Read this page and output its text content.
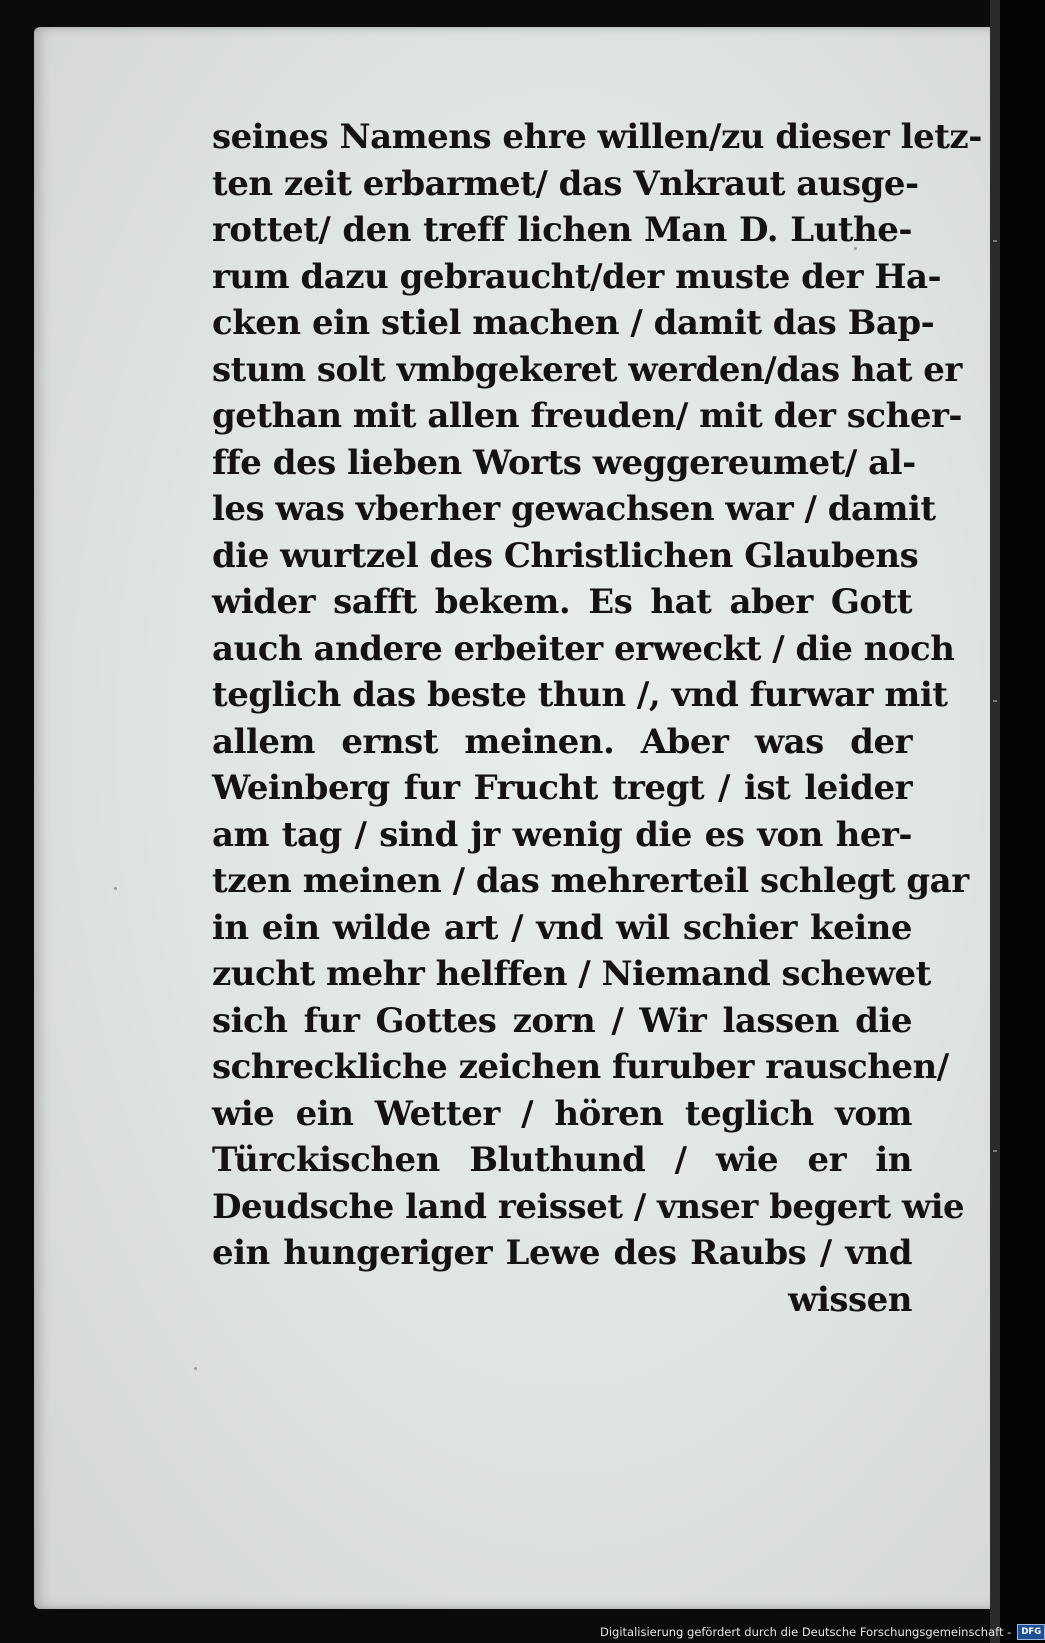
seines Namens ehre willen/zu dieser letz-
ten zeit erbarmet/ das Vnkraut ausge-
rottet/ den treff lichen Man D. Luthe-
rum dazu gebraucht/der muste der Ha-
cken ein stiel machen / damit das Bap-
stum solt vmbgekeret werden/das hat er
gethan mit allen freuden/ mit der scher-
ffe des lieben Worts weggereumet/ al-
les was vberher gewachsen war / damit
die wurtzel des Christlichen Glaubens
wider safft bekem. Es hat aber Gott
auch andere erbeiter erweckt / die noch
teglich das beste thun /, vnd furwar mit
allem ernst meinen. Aber was der
Weinberg fur Frucht tregt / ist leider
am tag / sind jr wenig die es von her-
tzen meinen / das mehrerteil schlegt gar
in ein wilde art / vnd wil schier keine
zucht mehr helffen / Niemand schewet
sich fur Gottes zorn / Wir lassen die
schreckliche zeichen furuber rauschen/
wie ein Wetter / hören teglich vom
Türckischen Bluthund / wie er in
Deudsche land reisset / vnser begert wie
ein hungeriger Lewe des Raubs / vnd
wissen
Digitalisierung gefördert durch die Deutsche Forschungsgemeinschaft -	DFG
